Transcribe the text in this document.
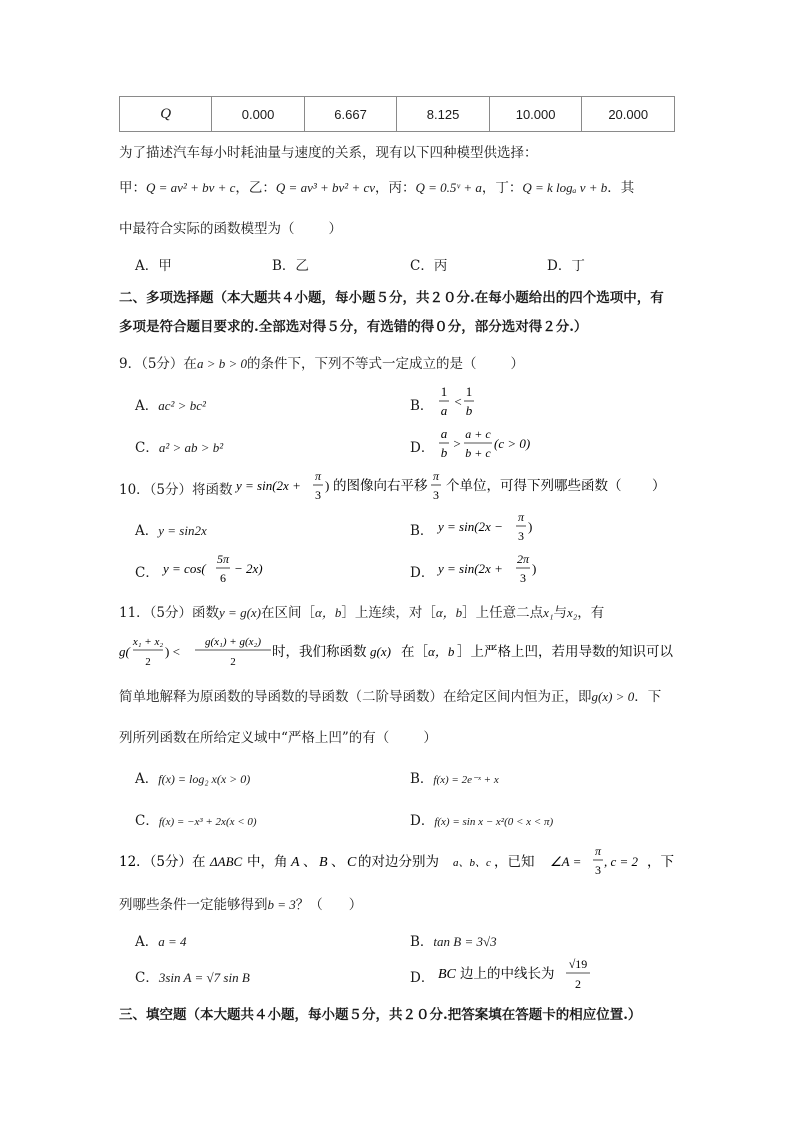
Q	0.000	6.667	8.125	10.000	20.000
为了描述汽车每小时耗油量与速度的关系，现有以下四种模型供选择：
甲：Q = av² + bv + c，乙：Q = av³ + bv² + cv，丙：Q = 0.5ᵛ + a，丁：Q = k logₐ v + b．其
中最符合实际的函数模型为（	）
A．甲	B．乙	C．丙	D．丁
二、多项选择题（本大题共４小题，每小题５分，共２０分.在每小题给出的四个选项中，有
多项是符合题目要求的.全部选对得５分，有选错的得０分，部分选对得２分.）
9．（5分）在a > b > 0的条件下，下列不等式一定成立的是（	）
A．ac² > bc²	B．
1
a
<
1
b
C．a² > ab > b²	D．
a
b
>
a + c
b + c
(c > 0)
10．（5分）将函数 y = sin(2x +
π
3
) 的图像向右平移
π
3
个单位，可得下列哪些函数（ ）
A．y = sin2x	B． y = sin(2x −
π
3
)
C． y = cos(
5π
6
− 2x)	D． y = sin(2x +
2π
3
)
11．（5分）函数y = g(x)在区间［α，b］上连续，对［α，b］上任意二点x₁与x₂，有
g(
x₁ + x₂
2
) <
g(x₁) + g(x₂)
2
时，我们称函数 g(x) 在［ α，b ］上严格上凹，若用导数的知识可以
简单地解释为原函数的导函数的导函数（二阶导函数）在给定区间内恒为正，即g(x) > 0．下
列所列函数在所给定义域中“严格上凹”的有（	）
A．f(x) = log₂ x(x > 0)	B．f(x) = 2e⁻ˣ + x
C．f(x) = −x³ + 2x(x < 0)	D．f(x) = sin x − x²(0 < x < π)
12．（5分）在 ΔABC 中，角 A 、 B 、 C 的对边分别为 a、b、c ，已知 ∠A =
π
3
, c = 2 ，下
列哪些条件一定能够得到b = 3？（ ）
A．a = 4	B．tan B = 3√3
C．3sin A = √7 sin B	D． BC 边上的中线长为
√19
2
三、填空题（本大题共４小题，每小题５分，共２０分.把答案填在答题卡的相应位置.）
